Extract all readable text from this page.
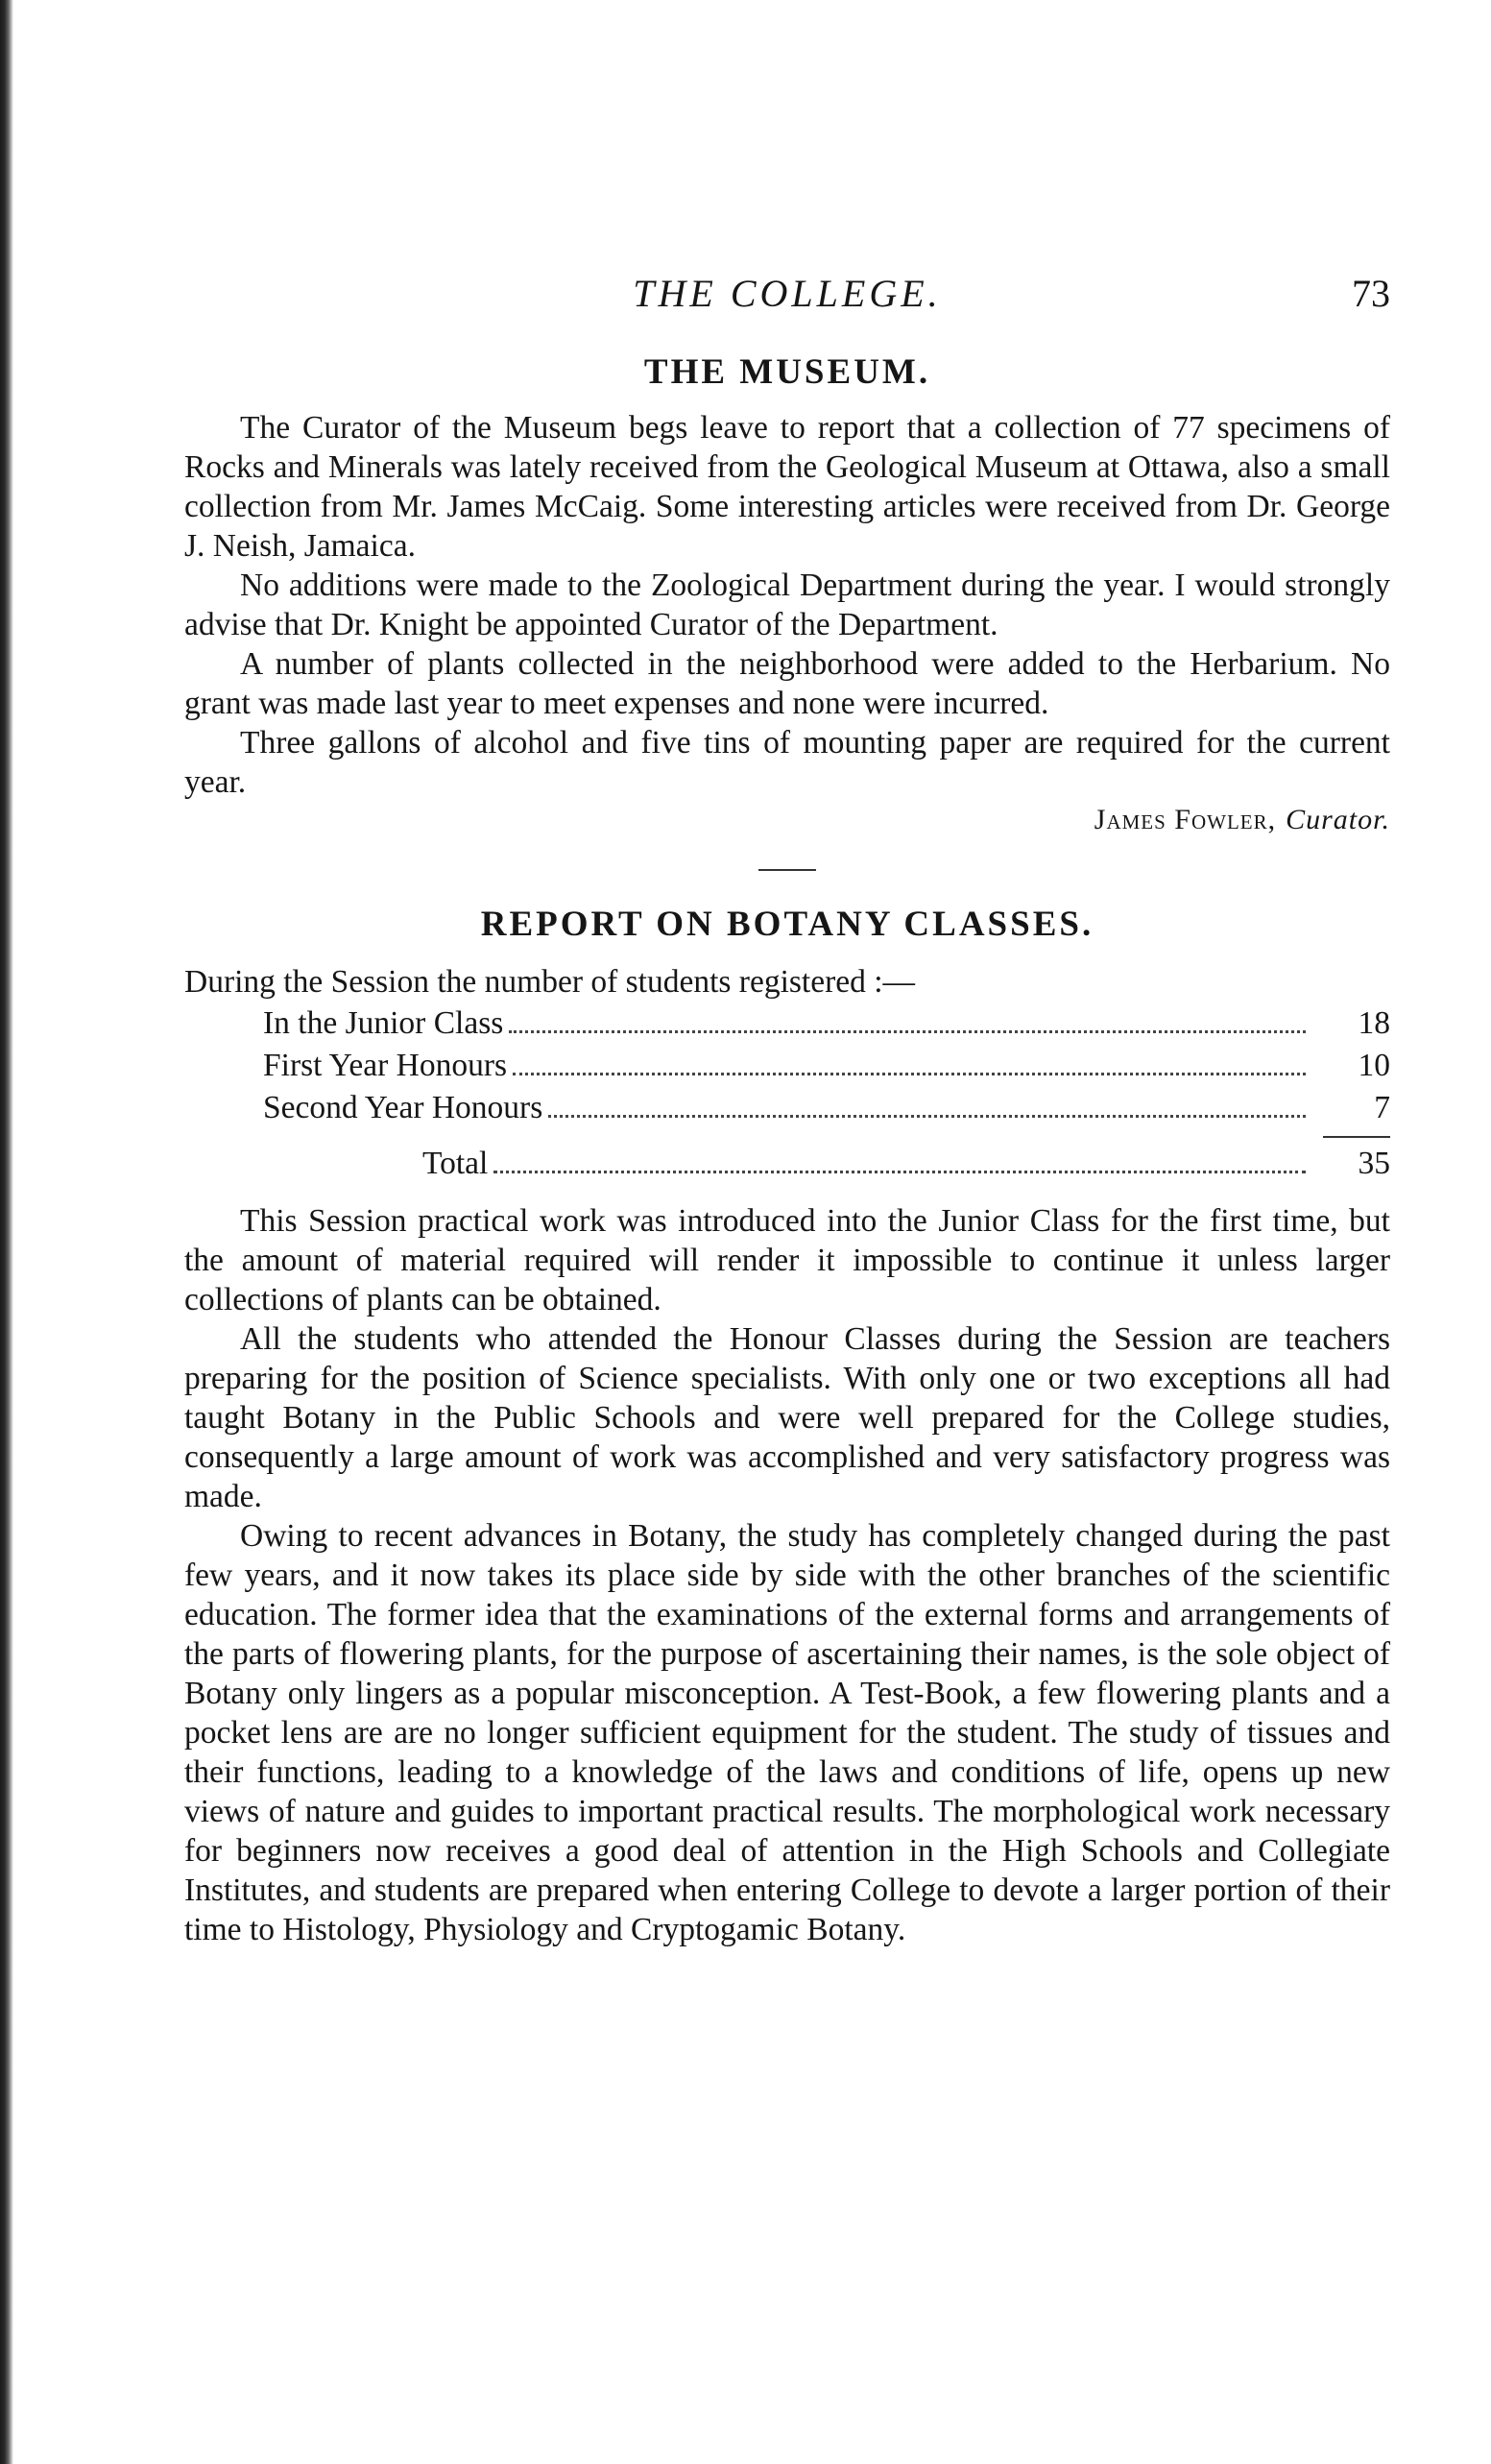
THE COLLEGE.	73
THE MUSEUM.

The Curator of the Museum begs leave to report that a collection of 77 specimens of Rocks and Minerals was lately received from the Geological Museum at Ottawa, also a small collection from Mr. James McCaig. Some interesting articles were received from Dr. George J. Neish, Jamaica.

No additions were made to the Zoological Department during the year. I would strongly advise that Dr. Knight be appointed Curator of the Department.

A number of plants collected in the neighborhood were added to the Herbarium. No grant was made last year to meet expenses and none were incurred.

Three gallons of alcohol and five tins of mounting paper are required for the current year.

James Fowler, Curator.
REPORT ON BOTANY CLASSES.

During the Session the number of students registered :—

In the Junior Class	18
First Year Honours	10
Second Year Honours	7
Total	35

This Session practical work was introduced into the Junior Class for the first time, but the amount of material required will render it impossible to continue it unless larger collections of plants can be obtained.

All the students who attended the Honour Classes during the Session are teachers preparing for the position of Science specialists. With only one or two exceptions all had taught Botany in the Public Schools and were well prepared for the College studies, consequently a large amount of work was accomplished and very satisfactory progress was made.

Owing to recent advances in Botany, the study has completely changed during the past few years, and it now takes its place side by side with the other branches of the scientific education. The former idea that the examinations of the external forms and arrangements of the parts of flowering plants, for the purpose of ascertaining their names, is the sole object of Botany only lingers as a popular misconception. A Test-Book, a few flowering plants and a pocket lens are are no longer sufficient equipment for the student. The study of tissues and their functions, leading to a knowledge of the laws and conditions of life, opens up new views of nature and guides to important practical results. The morphological work necessary for beginners now receives a good deal of attention in the High Schools and Collegiate Institutes, and students are prepared when entering College to devote a larger portion of their time to Histology, Physiology and Cryptogamic Botany.
